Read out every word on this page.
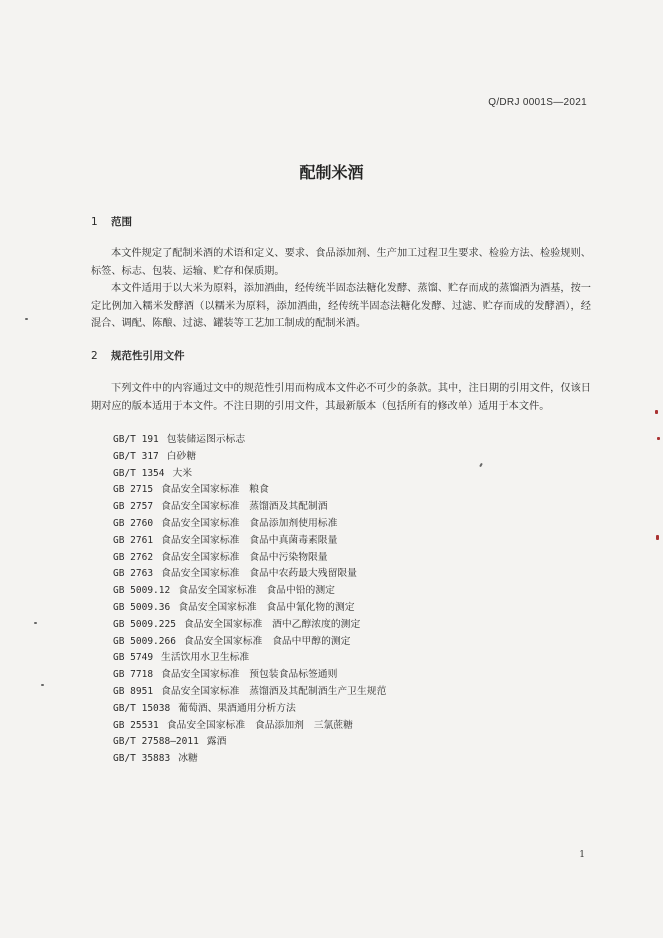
Q/DRJ 0001S—2021
配制米酒
1 范围
本文件规定了配制米酒的术语和定义、要求、食品添加剂、生产加工过程卫生要求、检验方法、检验规则、标签、标志、包装、运输、贮存和保质期。
本文件适用于以大米为原料，添加酒曲，经传统半固态法糖化发酵、蒸馏、贮存而成的蒸馏酒为酒基，按一定比例加入糯米发酵酒（以糯米为原料，添加酒曲，经传统半固态法糖化发酵、过滤、贮存而成的发酵酒），经混合、调配、陈酿、过滤、罐装等工艺加工制成的配制米酒。
2 规范性引用文件
下列文件中的内容通过文中的规范性引用而构成本文件必不可少的条款。其中，注日期的引用文件，仅该日期对应的版本适用于本文件。不注日期的引用文件，其最新版本（包括所有的修改单）适用于本文件。
GB/T 191 包装储运图示标志
GB/T 317 白砂糖
GB/T 1354 大米
GB 2715 食品安全国家标准　粮食
GB 2757 食品安全国家标准　蒸馏酒及其配制酒
GB 2760 食品安全国家标准　食品添加剂使用标准
GB 2761 食品安全国家标准　食品中真菌毒素限量
GB 2762 食品安全国家标准　食品中污染物限量
GB 2763 食品安全国家标准　食品中农药最大残留限量
GB 5009.12 食品安全国家标准　食品中铅的测定
GB 5009.36 食品安全国家标准　食品中氰化物的测定
GB 5009.225 食品安全国家标准　酒中乙醇浓度的测定
GB 5009.266 食品安全国家标准　食品中甲醇的测定
GB 5749 生活饮用水卫生标准
GB 7718 食品安全国家标准　预包装食品标签通则
GB 8951 食品安全国家标准　蒸馏酒及其配制酒生产卫生规范
GB/T 15038 葡萄酒、果酒通用分析方法
GB 25531 食品安全国家标准　食品添加剂　三氯蔗糖
GB/T 27588—2011 露酒
GB/T 35883 冰糖
1
